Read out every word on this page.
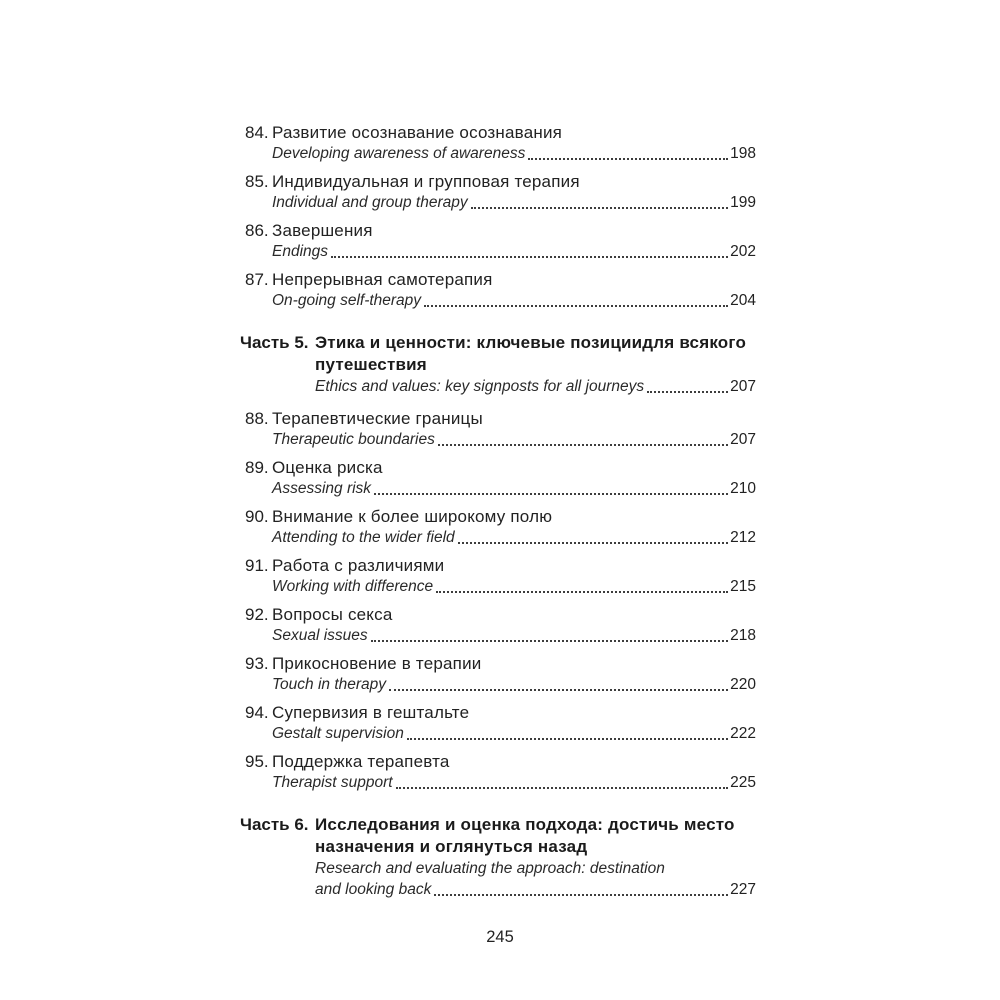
84. Развитие осознавание осознавания
Developing awareness of awareness	198
85. Индивидуальная и групповая терапия
Individual and group therapy	199
86. Завершения
Endings	202
87. Непрерывная самотерапия
On-going self-therapy	204
Часть 5. Этика и ценности: ключевые позициидля всякого
путешествия
Ethics and values: key signposts for all journeys	207
88. Терапевтические границы
Therapeutic boundaries	207
89. Оценка риска
Assessing risk	210
90. Внимание к более широкому полю
Attending to the wider field	212
91. Работа с различиями
Working with difference	215
92. Вопросы секса
Sexual issues	218
93. Прикосновение в терапии
Touch in therapy	220
94. Супервизия в гештальте
Gestalt supervision	222
95. Поддержка терапевта
Therapist support	225
Часть 6. Исследования и оценка подхода: достичь место
назначения и оглянуться назад
Research and evaluating the approach: destination
and looking back	227
245
